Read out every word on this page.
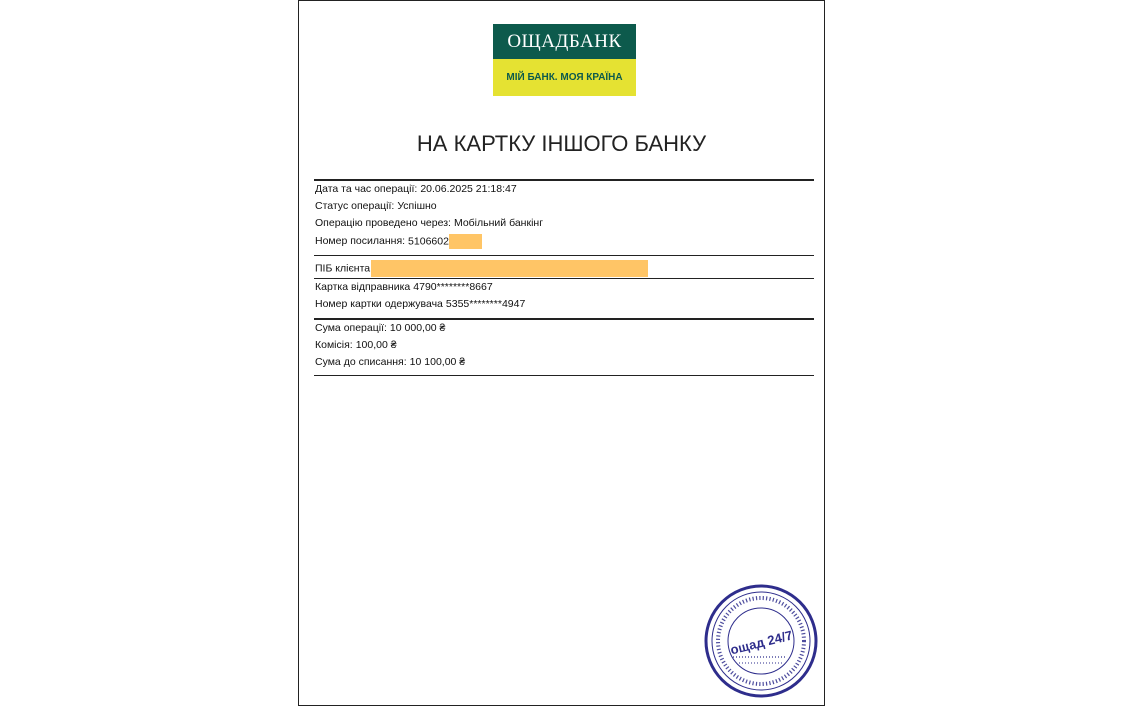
ОЩАДБАНК
МІЙ БАНК. МОЯ КРАЇНА
НА КАРТКУ ІНШОГО БАНКУ
Дата та час операції: 20.06.2025 21:18:47
Статус операції: Успішно
Операцію проведено через: Мобільний банкінг
Номер посилання: 5106602
ПІБ клієнта
Картка відправника 4790********8667
Номер картки одержувача 5355********4947
Сума операції: 10 000,00 ₴
Комісія: 100,00 ₴
Сума до списання: 10 100,00 ₴
ощад 24/7
